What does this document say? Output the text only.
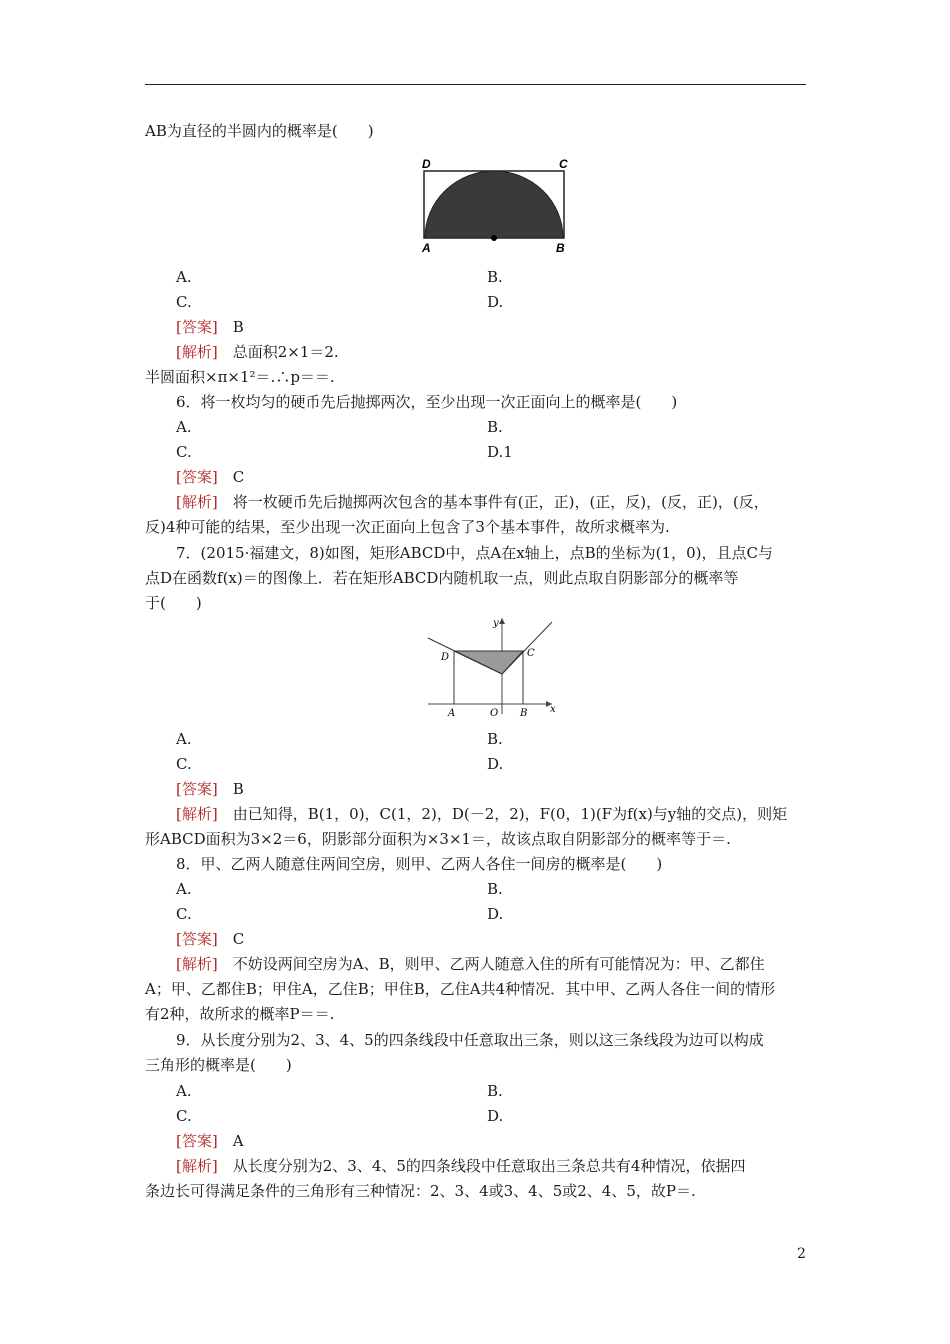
AB为直径的半圆内的概率是(　　)
D	C
A	B
A.	B.
C.	D.
[答案]　 B
[解析]　 总面积2×1＝2.
半圆面积×π×1²＝.∴p＝＝.
6．将一枚均匀的硬币先后抛掷两次，至少出现一次正面向上的概率是(　　)
A.	B.
C.	D.1
[答案]　 C
[解析]　 将一枚硬币先后抛掷两次包含的基本事件有(正，正)，(正，反)，(反，正)，(反，
反)4种可能的结果，至少出现一次正面向上包含了3个基本事件，故所求概率为.
7．(2015·福建文，8)如图，矩形ABCD中，点A在x轴上，点B的坐标为(1，0)，且点C与
点D在函数f(x)＝的图像上．若在矩形ABCD内随机取一点，则此点取自阴影部分的概率等
于(　　)
y
D	C
A	O B x
A.	B.
C.	D.
[答案]　 B
[解析]　 由已知得，B(1，0)，C(1，2)，D(－2，2)，F(0，1)(F为f(x)与y轴的交点)，则矩
形ABCD面积为3×2＝6，阴影部分面积为×3×1＝，故该点取自阴影部分的概率等于＝.
8．甲、乙两人随意住两间空房，则甲、乙两人各住一间房的概率是(　　)
A.	B.
C.	D.
[答案]　 C
[解析]　 不妨设两间空房为A、B，则甲、乙两人随意入住的所有可能情况为：甲、乙都住
A；甲、乙都住B；甲住A，乙住B；甲住B，乙住A共4种情况．其中甲、乙两人各住一间的情形
有2种，故所求的概率P＝＝.
9．从长度分别为2、3、4、5的四条线段中任意取出三条，则以这三条线段为边可以构成
三角形的概率是(　　)
A.	B.
C.	D.
[答案]　 A
[解析]　 从长度分别为2、3、4、5的四条线段中任意取出三条总共有4种情况，依据四
条边长可得满足条件的三角形有三种情况：2、3、4或3、4、5或2、4、5，故P＝.
2
